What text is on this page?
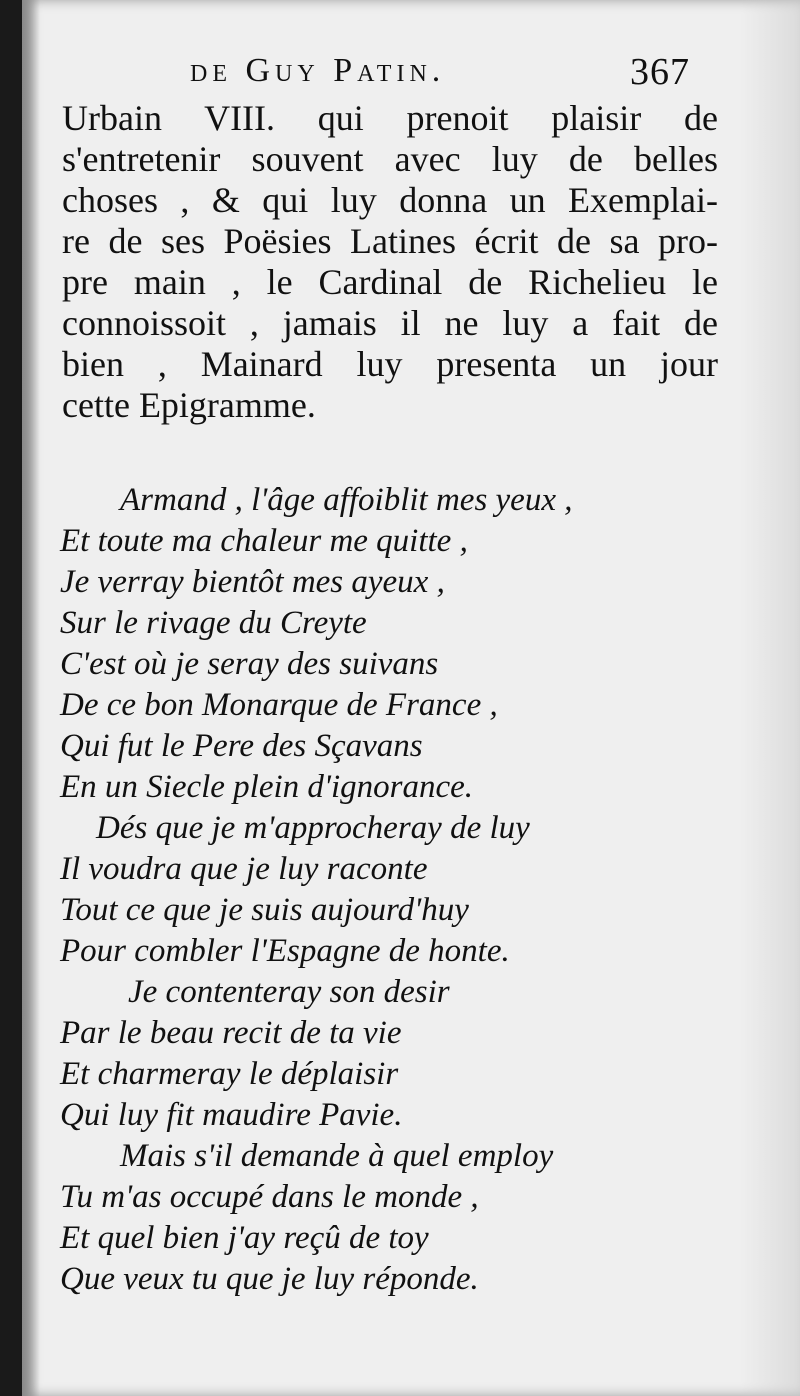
de Guy Patin.	367
Urbain VIII. qui prenoit plaisir de
s'entretenir souvent avec luy de belles
choses , & qui luy donna un Exemplai-
re de ses Poësies Latines écrit de sa pro-
pre main , le Cardinal de Richelieu le
connoissoit , jamais il ne luy a fait de
bien , Mainard luy presenta un jour
cette Epigramme.
Armand , l'âge affoiblit mes yeux ,
Et toute ma chaleur me quitte ,
Je verray bientôt mes ayeux ,
Sur le rivage du Creyte
C'est où je seray des suivans
De ce bon Monarque de France ,
Qui fut le Pere des Sçavans
En un Siecle plein d'ignorance.
Dés que je m'approcheray de luy
Il voudra que je luy raconte
Tout ce que je suis aujourd'huy
Pour combler l'Espagne de honte.
Je contenteray son desir
Par le beau recit de ta vie
Et charmeray le déplaisir
Qui luy fit maudire Pavie.
Mais s'il demande à quel employ
Tu m'as occupé dans le monde ,
Et quel bien j'ay reçû de toy
Que veux tu que je luy réponde.
